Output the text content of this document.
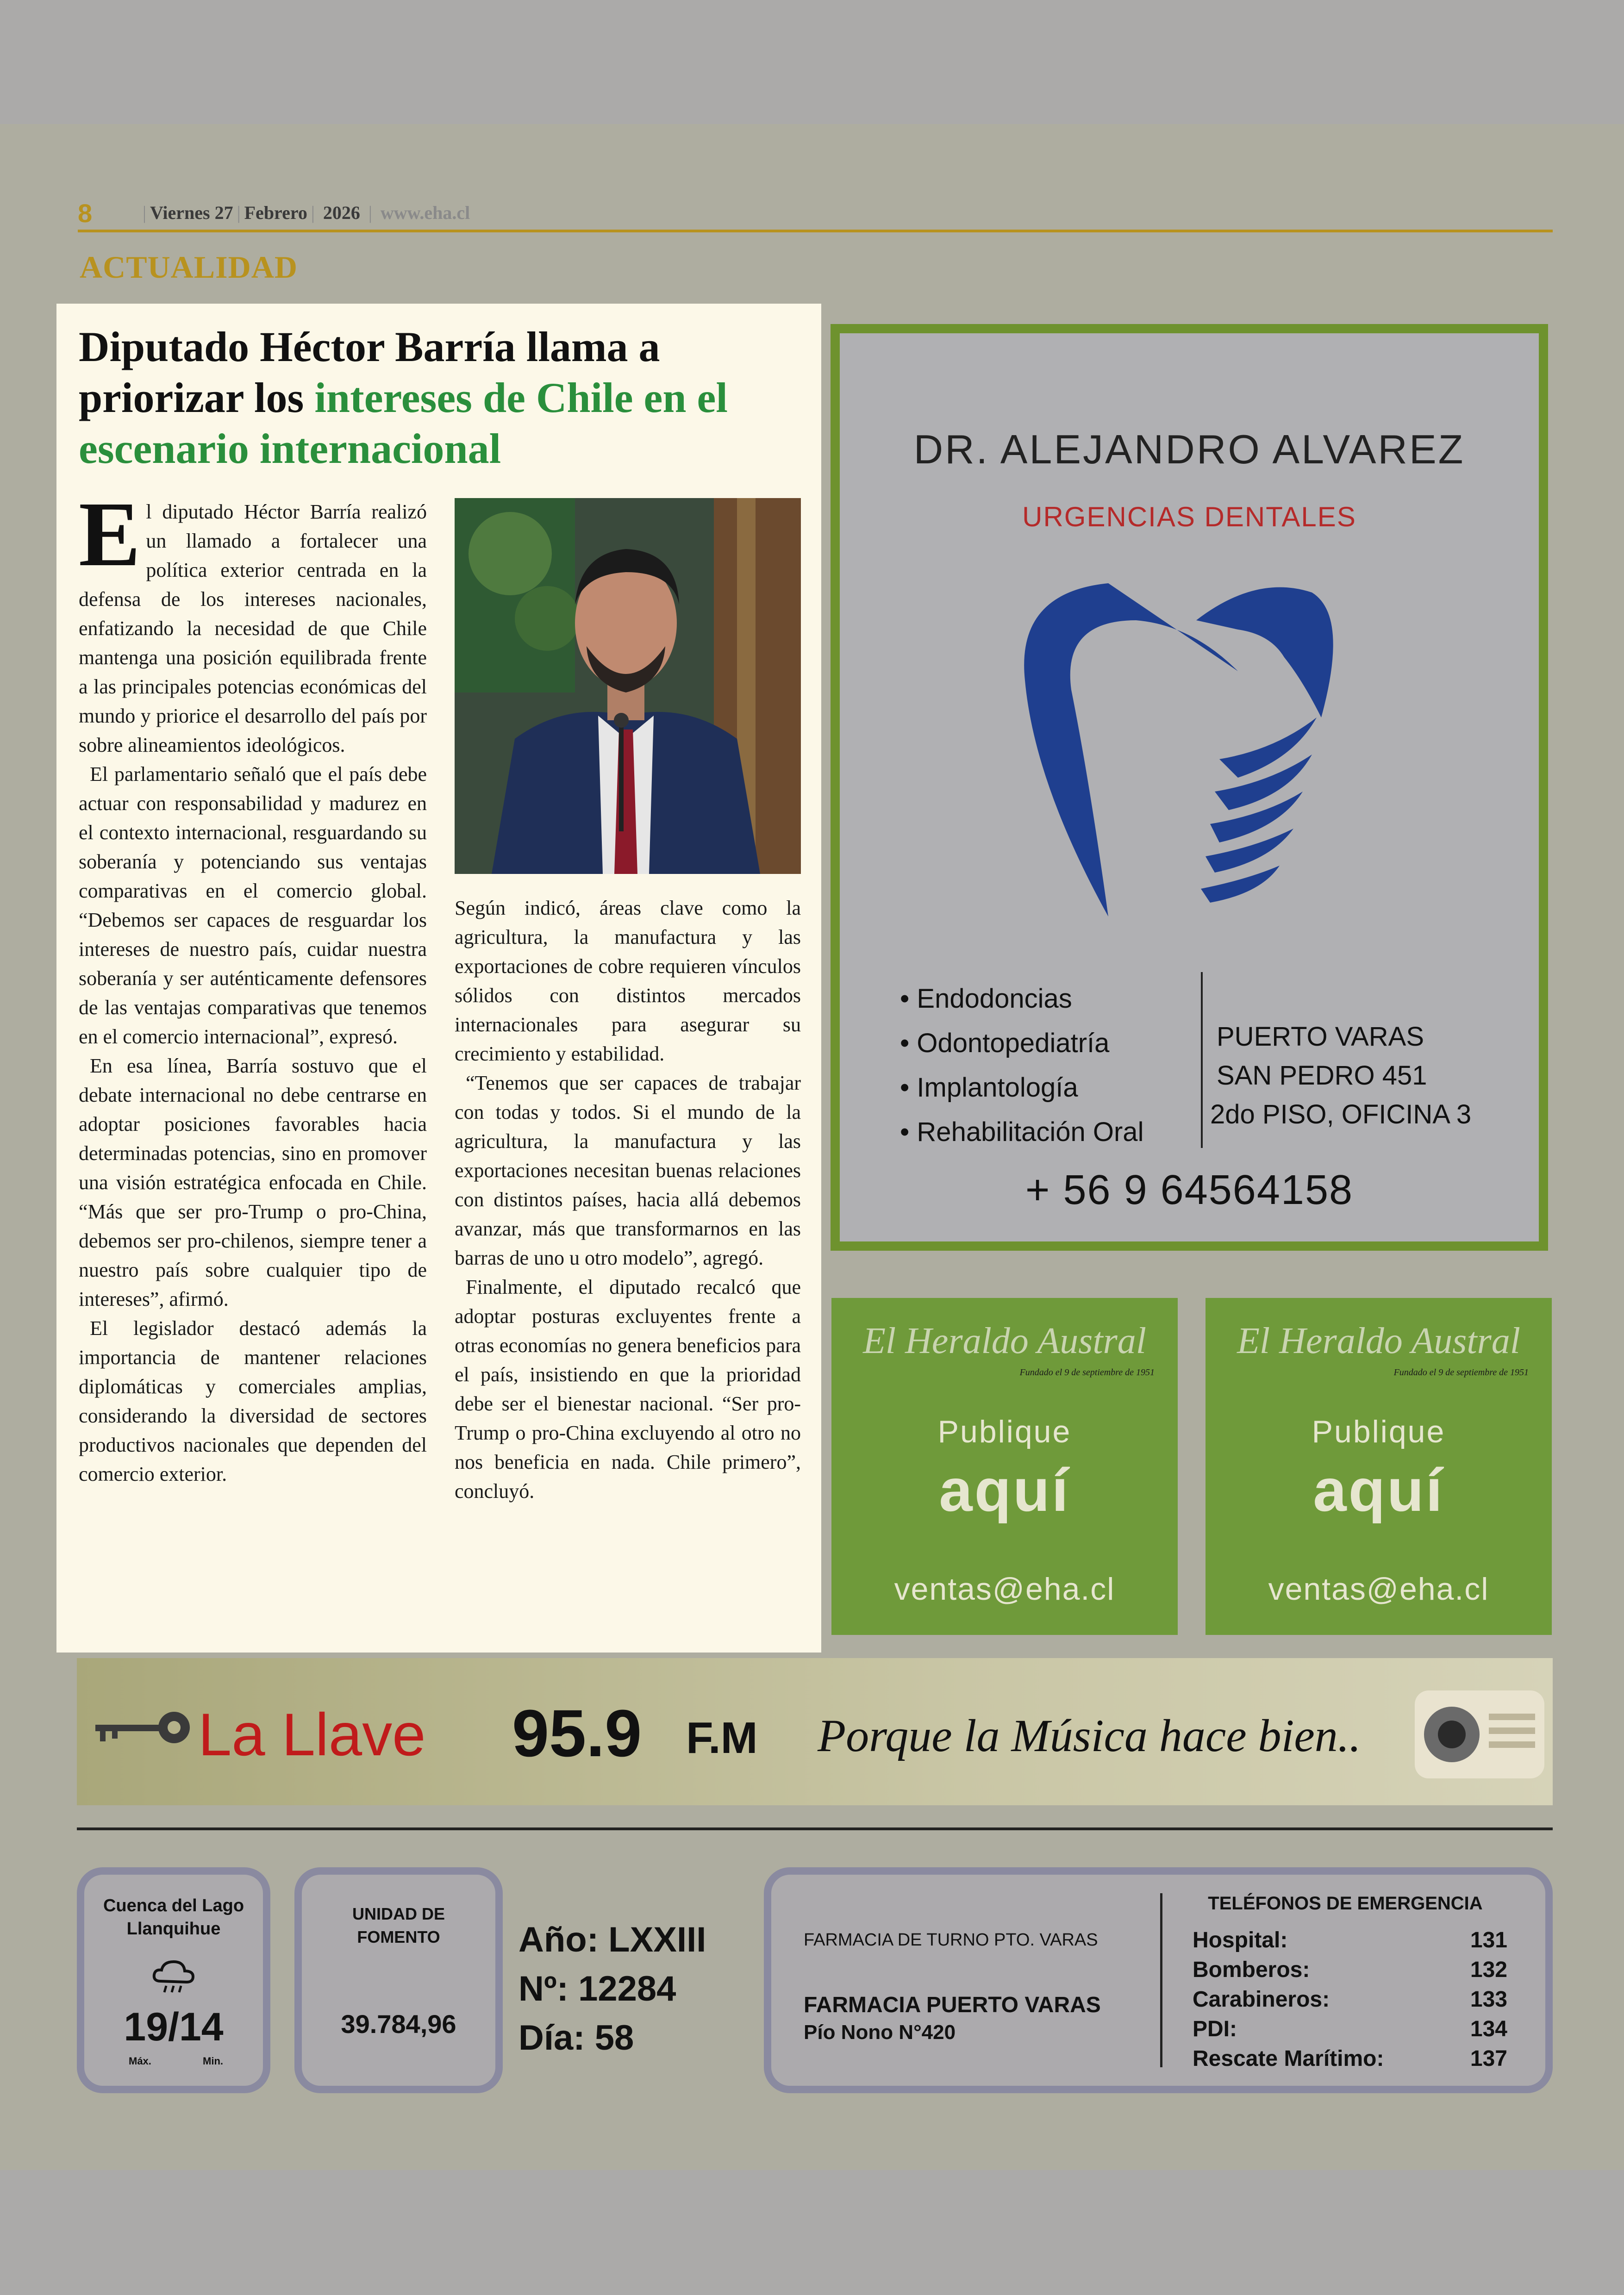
8	| Viernes 27 | Febrero | 2026 | www.eha.cl
ACTUALIDAD
Diputado Héctor Barría llama a priorizar los intereses de Chile en el escenario internacional

El diputado Héctor Barría realizó un llamado a fortalecer una política exterior centrada en la defensa de los intereses nacionales, enfatizando la necesidad de que Chile mantenga una posición equilibrada frente a las principales potencias económicas del mundo y priorice el desarrollo del país por sobre alineamientos ideológicos.

El parlamentario señaló que el país debe actuar con responsabilidad y madurez en el contexto internacional, resguardando su soberanía y potenciando sus ventajas comparativas en el comercio global. “Debemos ser capaces de resguardar los intereses de nuestro país, cuidar nuestra soberanía y ser auténticamente defensores de las ventajas comparativas que tenemos en el comercio internacional”, expresó.

En esa línea, Barría sostuvo que el debate internacional no debe centrarse en adoptar posiciones favorables hacia determinadas potencias, sino en promover una visión estratégica enfocada en Chile. “Más que ser pro-Trump o pro-China, debemos ser pro-chilenos, siempre tener a nuestro país sobre cualquier tipo de intereses”, afirmó.

El legislador destacó además la importancia de mantener relaciones diplomáticas y comerciales amplias, considerando la diversidad de sectores productivos nacionales que dependen del comercio exterior.

Según indicó, áreas clave como la agricultura, la manufactura y las exportaciones de cobre requieren vínculos sólidos con distintos mercados internacionales para asegurar su crecimiento y estabilidad.

“Tenemos que ser capaces de trabajar con todas y todos. Si el mundo de la agricultura, la manufactura y las exportaciones necesitan buenas relaciones con distintos países, hacia allá debemos avanzar, más que transformarnos en las barras de uno u otro modelo”, agregó.

Finalmente, el diputado recalcó que adoptar posturas excluyentes frente a otras economías no genera beneficios para el país, insistiendo en que la prioridad debe ser el bienestar nacional. “Ser pro-Trump o pro-China excluyendo al otro no nos beneficia en nada. Chile primero”, concluyó.

DR. ALEJANDRO ALVAREZ
URGENCIAS DENTALES
• Endodoncias
• Odontopediatría
• Implantología
• Rehabilitación Oral
PUERTO VARAS
SAN PEDRO 451
2do PISO, OFICINA 3
+ 56 9 64564158
El Heraldo Austral
Fundado el 9 de septiembre de 1951
Publique
aquí
ventas@eha.cl
El Heraldo Austral
Fundado el 9 de septiembre de 1951
Publique
aquí
ventas@eha.cl
La Llave 95.9 F.M Porque la Música hace bien..
Cuenca del Lago Llanquihue
19/14
Máx.	Min.
UNIDAD DE FOMENTO
39.784,96
Año: LXXIII
Nº: 12284
Día: 58
FARMACIA DE TURNO PTO. VARAS
FARMACIA PUERTO VARAS
Pío Nono N°420
TELÉFONOS DE EMERGENCIA
Hospital:	131
Bomberos:	132
Carabineros:	133
PDI:	134
Rescate Marítimo:	137
